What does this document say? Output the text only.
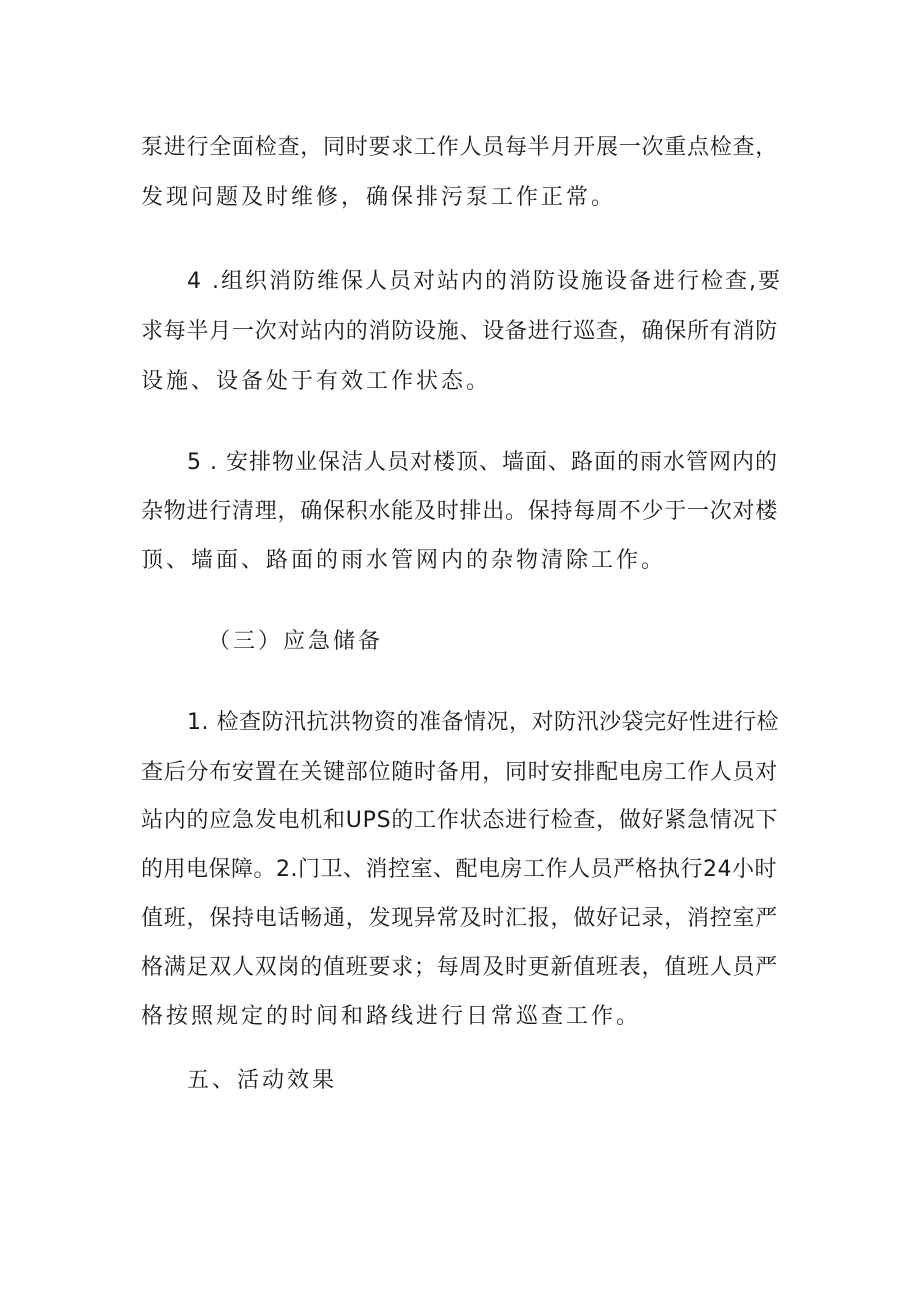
泵进行全面检查，同时要求工作人员每半月开展一次重点检查，
发现问题及时维修，确保排污泵工作正常。
4 .组织消防维保人员对站内的消防设施设备进行检查,要
求每半月一次对站内的消防设施、设备进行巡查，确保所有消防
设施、设备处于有效工作状态。
5 . 安排物业保洁人员对楼顶、墙面、路面的雨水管网内的
杂物进行清理，确保积水能及时排出。保持每周不少于一次对楼
顶、墙面、路面的雨水管网内的杂物清除工作。
（三）应急储备
1. 检查防汛抗洪物资的准备情况，对防汛沙袋完好性进行检
查后分布安置在关键部位随时备用，同时安排配电房工作人员对
站内的应急发电机和UPS的工作状态进行检查，做好紧急情况下
的用电保障。2.门卫、消控室、配电房工作人员严格执行24小时
值班，保持电话畅通，发现异常及时汇报，做好记录，消控室严
格满足双人双岗的值班要求；每周及时更新值班表，值班人员严
格按照规定的时间和路线进行日常巡查工作。
五、活动效果
